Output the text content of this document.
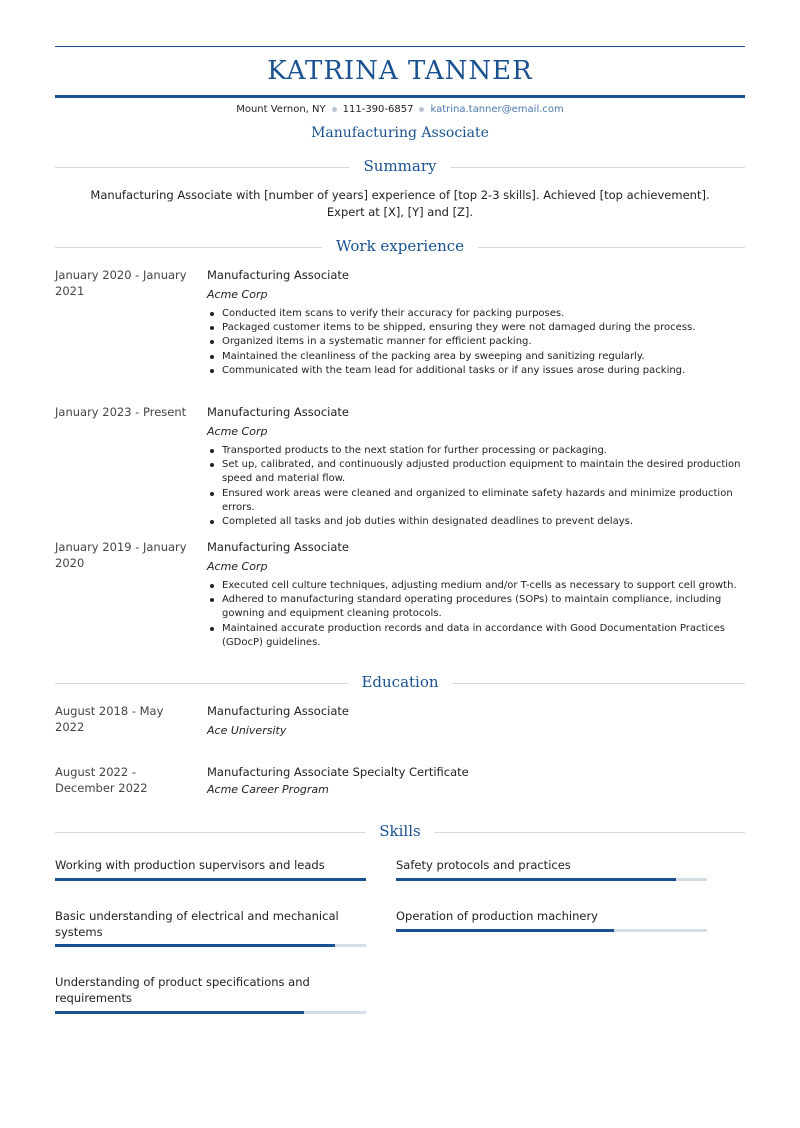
KATRINA TANNER
Mount Vernon, NY 111-390-6857 katrina.tanner@email.com
Manufacturing Associate
Summary
Manufacturing Associate with [number of years] experience of [top 2-3 skills]. Achieved [top achievement]. Expert at [X], [Y] and [Z].
Work experience
January 2020 - January 2021
Manufacturing Associate
Acme Corp
Conducted item scans to verify their accuracy for packing purposes.
Packaged customer items to be shipped, ensuring they were not damaged during the process.
Organized items in a systematic manner for efficient packing.
Maintained the cleanliness of the packing area by sweeping and sanitizing regularly.
Communicated with the team lead for additional tasks or if any issues arose during packing.
January 2023 - Present	Manufacturing Associate
Acme Corp
Transported products to the next station for further processing or packaging.
Set up, calibrated, and continuously adjusted production equipment to maintain the desired production speed and material flow.
Ensured work areas were cleaned and organized to eliminate safety hazards and minimize production errors.
Completed all tasks and job duties within designated deadlines to prevent delays.
January 2019 - January 2020
Manufacturing Associate
Acme Corp
Executed cell culture techniques, adjusting medium and/or T-cells as necessary to support cell growth.
Adhered to manufacturing standard operating procedures (SOPs) to maintain compliance, including gowning and equipment cleaning protocols.
Maintained accurate production records and data in accordance with Good Documentation Practices (GDocP) guidelines.
Education
August 2018 - May 2022
Manufacturing Associate
Ace University
August 2022 - December 2022
Manufacturing Associate Specialty Certificate
Acme Career Program
Skills
Working with production supervisors and leads	Safety protocols and practices
Basic understanding of electrical and mechanical systems
Operation of production machinery
Understanding of product specifications and requirements
